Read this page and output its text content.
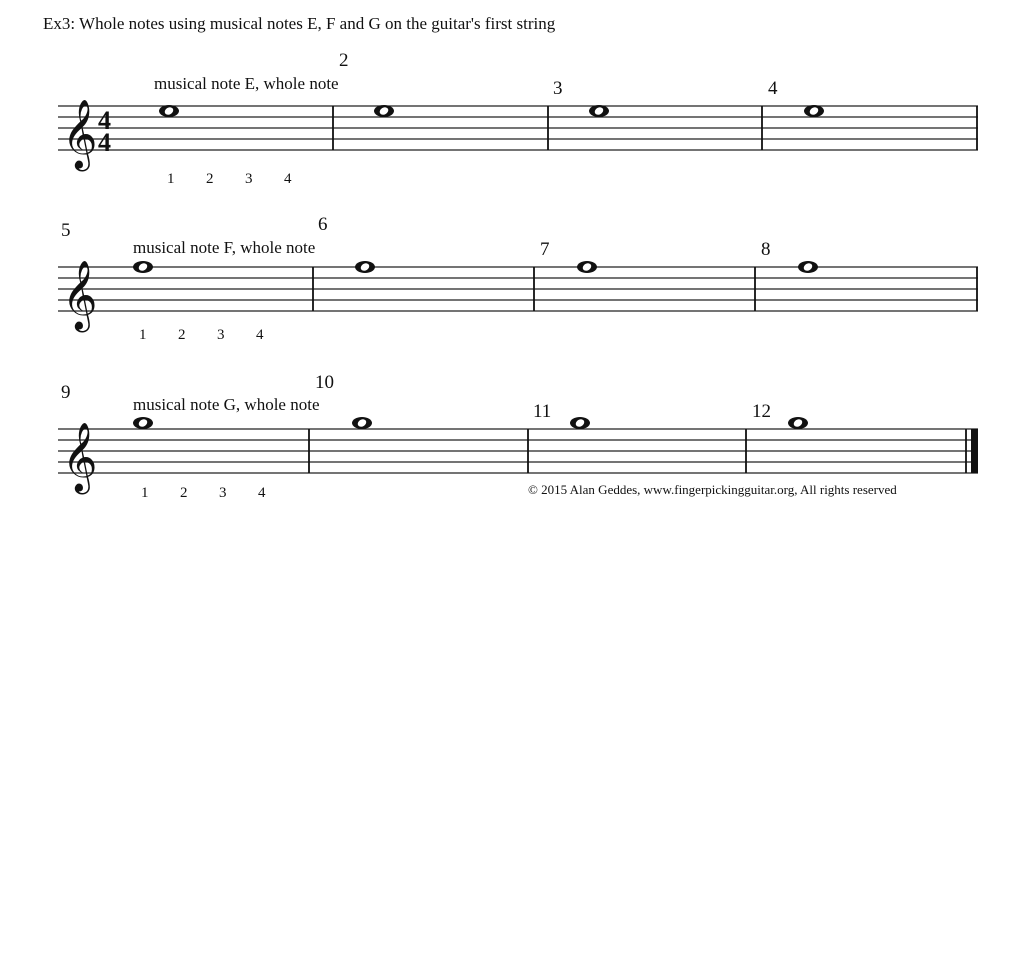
Ex3: Whole notes using musical notes E, F and G on the guitar's first string
𝄞 4
4
𝄞
𝄞
musical note E, whole note
2
3	4
1 2 3 4
5
musical note F, whole note
6
7	8
1 2 3 4
9
musical note G, whole note
10
11	12
1 2 3 4	© 2015 Alan Geddes, www.fingerpickingguitar.org, All rights reserved
